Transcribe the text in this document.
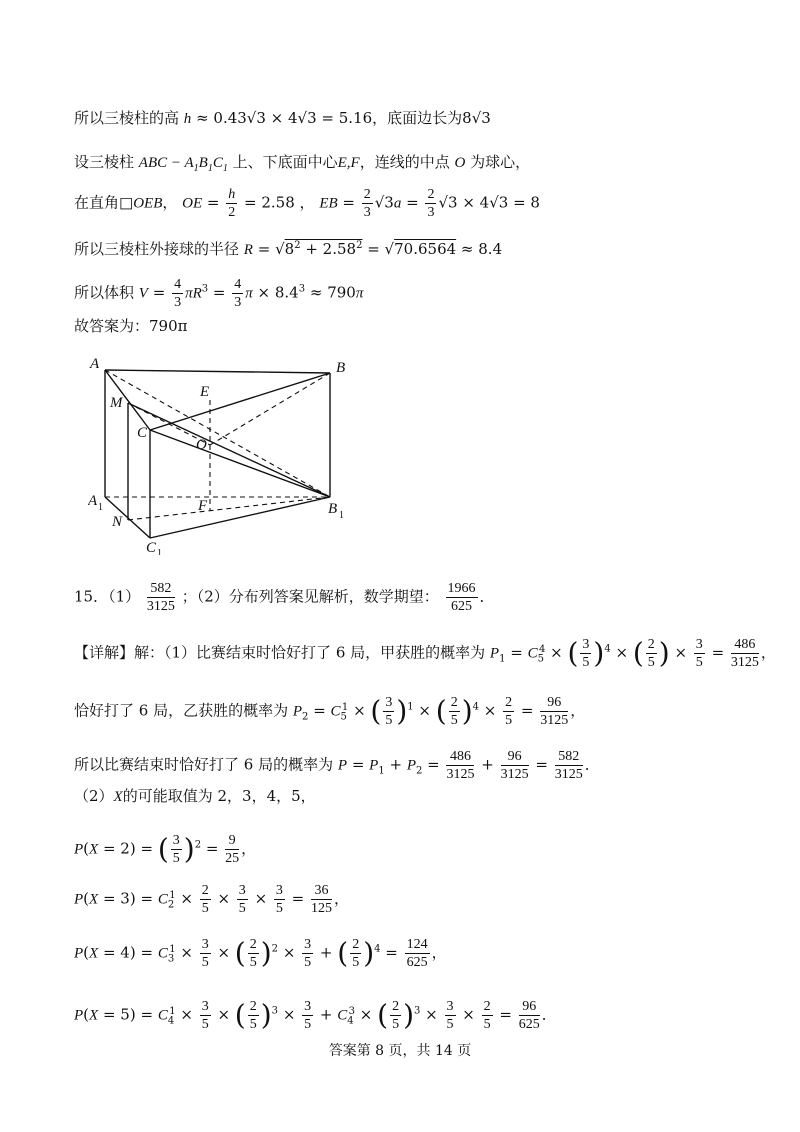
所以三棱柱的高 h ≈ 0.43√3 × 4√3 = 5.16，底面边长为8√3
设三棱柱 ABC − $A_1B_1C_1$ 上、下底面中心E,F，连线的中点 O 为球心，
在直角□OEB， OE = $\frac{h}{2} = 2.58$ ， EB = $\frac{2}{3} √3a = \frac{2}{3} √3 \times 4√3 = 8$
所以三棱柱外接球的半径 $R = √8^2 + 2.58^2 = √70.6564 \approx 8.4$
所以体积 $V = \frac{4}{3} \pi R^3 = \frac{4}{3}$ $\pi \times 8.4^3 \approx 790\pi$
故答案为：790π
A	B
M
E
C
O
F
A 1	B 1
N
C 1
15．$(1) \frac{582}{3125}$ ；（2）分布列答案见解析，数学期望： $\frac{1966}{625}$ ．
【详解】解：（1）比赛结束时恰好打了 6 局，甲获胜的概率为 $P_1 = C_5^4$ × ( $\frac{3}{5} )^4$ × ( $\frac{2}{5}$ ) × $\frac{3}{5} = \frac{486}{3125}$ ，
恰好打了 6 局，乙获胜的概率为 $P_2 = C_5^1$ × ( $\frac{3}{5} )^1$ × ( $\frac{2}{5} )^4 \times \frac{2}{5} = \frac{96}{3125}$ ，
所以比赛结束时恰好打了 6 局的概率为 $P = P_1 + P_2 = \frac{486}{3125} + \frac{96}{3125} = \frac{582}{3125}$ ．
（2）X的可能取值为 2，3，4，5，
P(X = 2) = ( $\frac{3}{5} )^2 = \frac{9}{25}$ ，
$P(X = 3) = C_2^1 \times \frac{2}{5} \times \frac{3}{5} \times \frac{3}{5} = \frac{36}{125}$ ，
$P(X = 4) = C_3^1 \times \frac{3}{5}$ × ( $\frac{2}{5} )^2 \times \frac{3}{5}$ + ( $\frac{2}{5} )^4 = \frac{124}{625}$ ，
$P(X = 5) = C_4^1 \times \frac{3}{5}$ × ( $\frac{2}{5} )^3 \times \frac{3}{5} + C_4^3$ × ( $\frac{2}{5} )^3 \times \frac{3}{5} \times \frac{2}{5} = \frac{96}{625}$ ．
答案第 8 页，共 14 页
